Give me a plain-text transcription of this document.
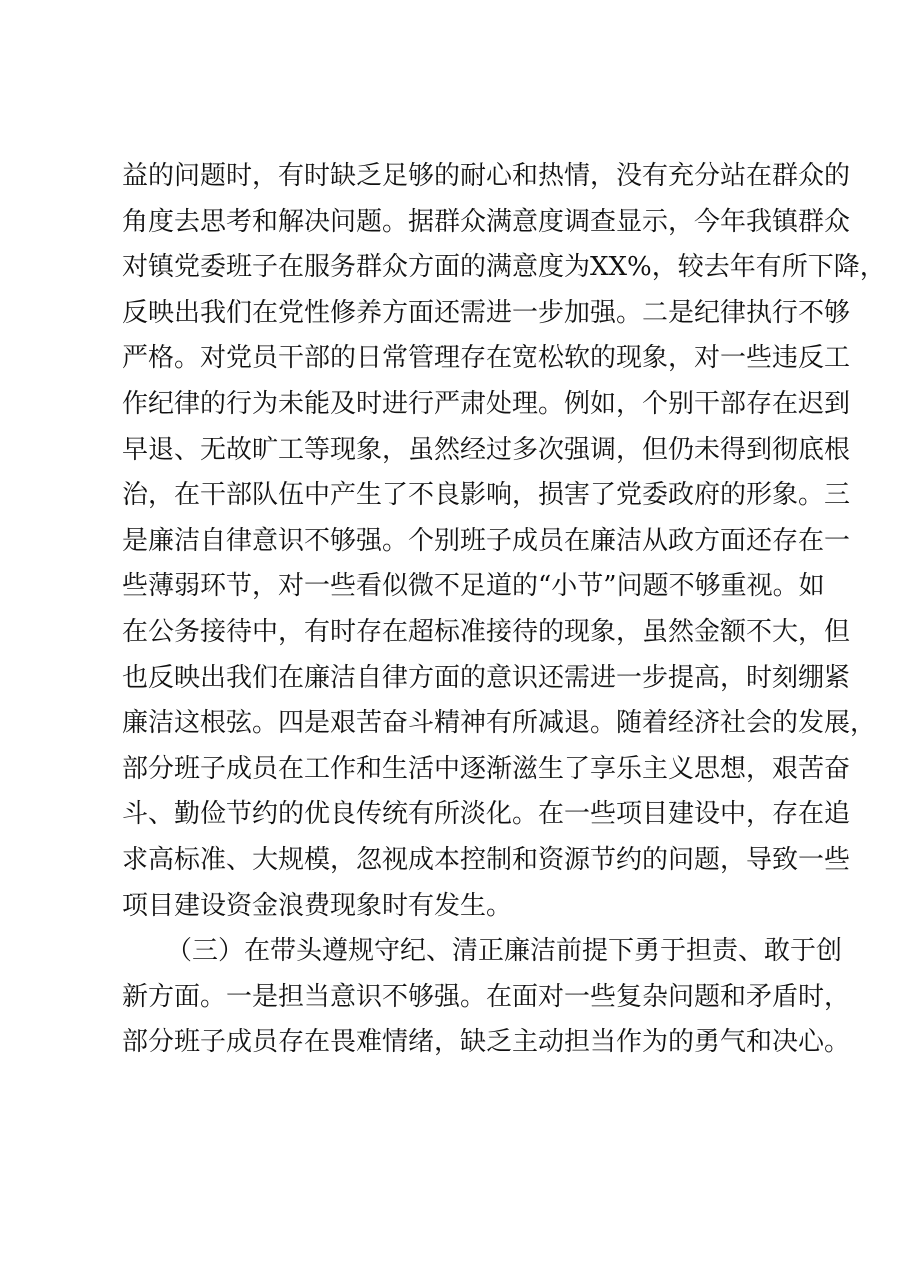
益的问题时，有时缺乏足够的耐心和热情，没有充分站在群众的
角度去思考和解决问题。据群众满意度调查显示，今年我镇群众
对镇党委班子在服务群众方面的满意度为XX%，较去年有所下降，
反映出我们在党性修养方面还需进一步加强。二是纪律执行不够
严格。对党员干部的日常管理存在宽松软的现象，对一些违反工
作纪律的行为未能及时进行严肃处理。例如，个别干部存在迟到
早退、无故旷工等现象，虽然经过多次强调，但仍未得到彻底根
治，在干部队伍中产生了不良影响，损害了党委政府的形象。三
是廉洁自律意识不够强。个别班子成员在廉洁从政方面还存在一
些薄弱环节，对一些看似微不足道的“小节”问题不够重视。如
在公务接待中，有时存在超标准接待的现象，虽然金额不大，但
也反映出我们在廉洁自律方面的意识还需进一步提高，时刻绷紧
廉洁这根弦。四是艰苦奋斗精神有所减退。随着经济社会的发展，
部分班子成员在工作和生活中逐渐滋生了享乐主义思想，艰苦奋
斗、勤俭节约的优良传统有所淡化。在一些项目建设中，存在追
求高标准、大规模，忽视成本控制和资源节约的问题，导致一些
项目建设资金浪费现象时有发生。
（三）在带头遵规守纪、清正廉洁前提下勇于担责、敢于创
新方面。一是担当意识不够强。在面对一些复杂问题和矛盾时，
部分班子成员存在畏难情绪，缺乏主动担当作为的勇气和决心。
